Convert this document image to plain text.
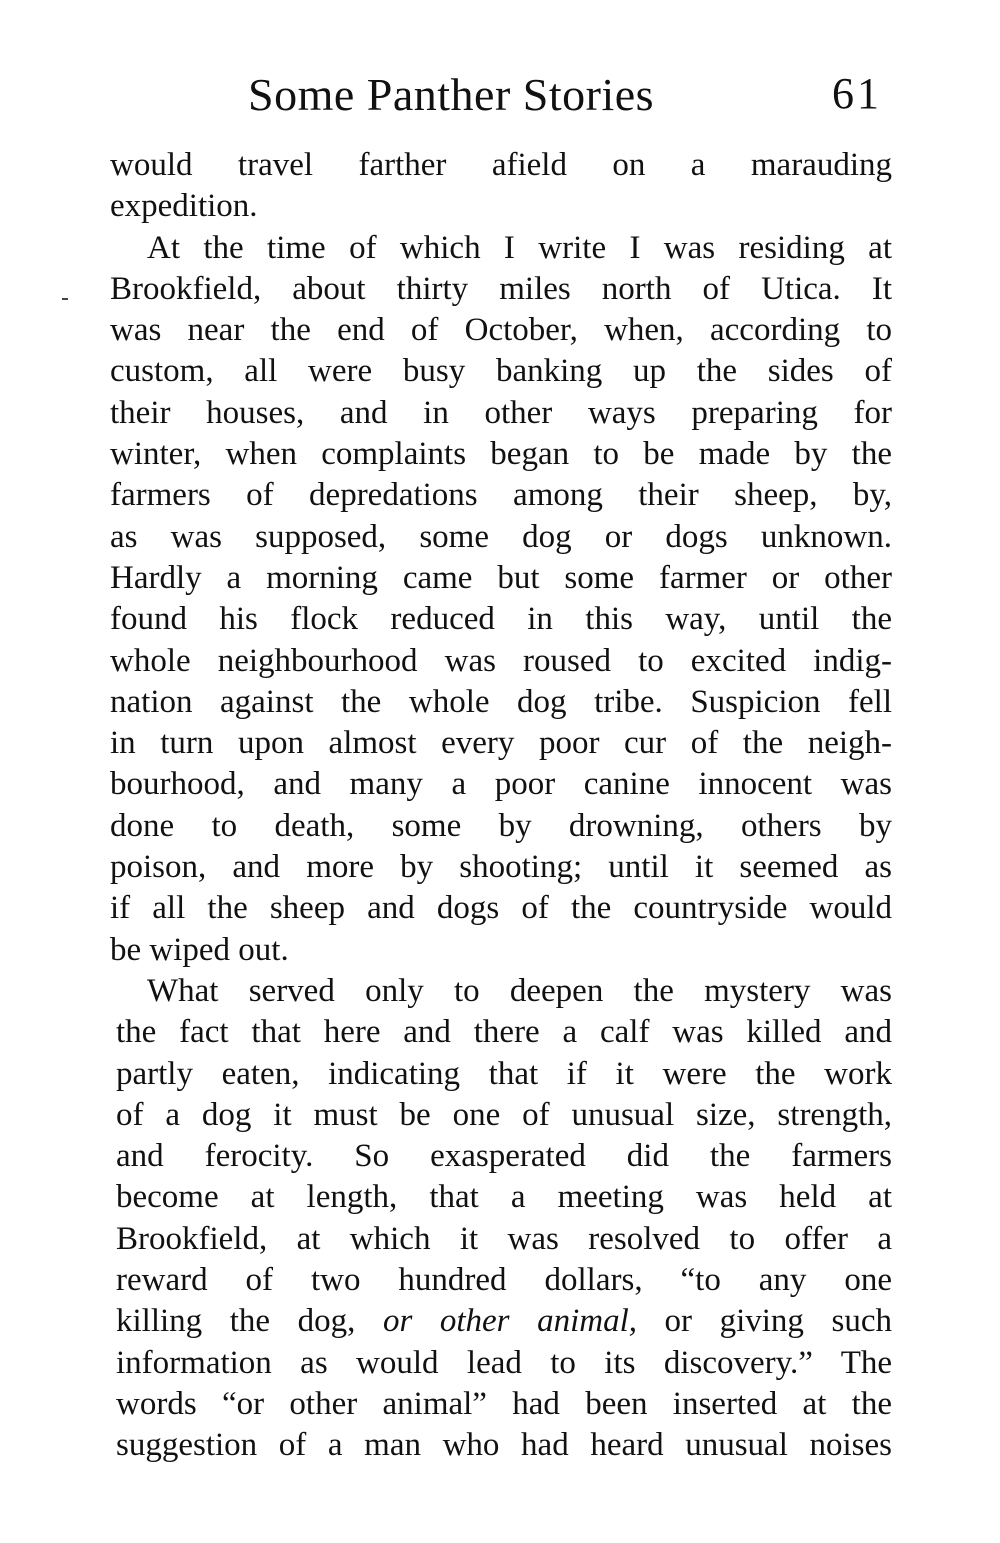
Some Panther Stories	61
would travel farther afield on a marauding
expedition.
At the time of which I write I was residing at
Brookfield, about thirty miles north of Utica. It
was near the end of October, when, according to
custom, all were busy banking up the sides of
their houses, and in other ways preparing for
winter, when complaints began to be made by the
farmers of depredations among their sheep, by,
as was supposed, some dog or dogs unknown.
Hardly a morning came but some farmer or other
found his flock reduced in this way, until the
whole neighbourhood was roused to excited indig-
nation against the whole dog tribe. Suspicion fell
in turn upon almost every poor cur of the neigh-
bourhood, and many a poor canine innocent was
done to death, some by drowning, others by
poison, and more by shooting; until it seemed as
if all the sheep and dogs of the countryside would
be wiped out.
What served only to deepen the mystery was
the fact that here and there a calf was killed and
partly eaten, indicating that if it were the work
of a dog it must be one of unusual size, strength,
and ferocity. So exasperated did the farmers
become at length, that a meeting was held at
Brookfield, at which it was resolved to offer a
reward of two hundred dollars, “to any one
killing the dog, or other animal, or giving such
information as would lead to its discovery.” The
words “or other animal” had been inserted at the
suggestion of a man who had heard unusual noises
